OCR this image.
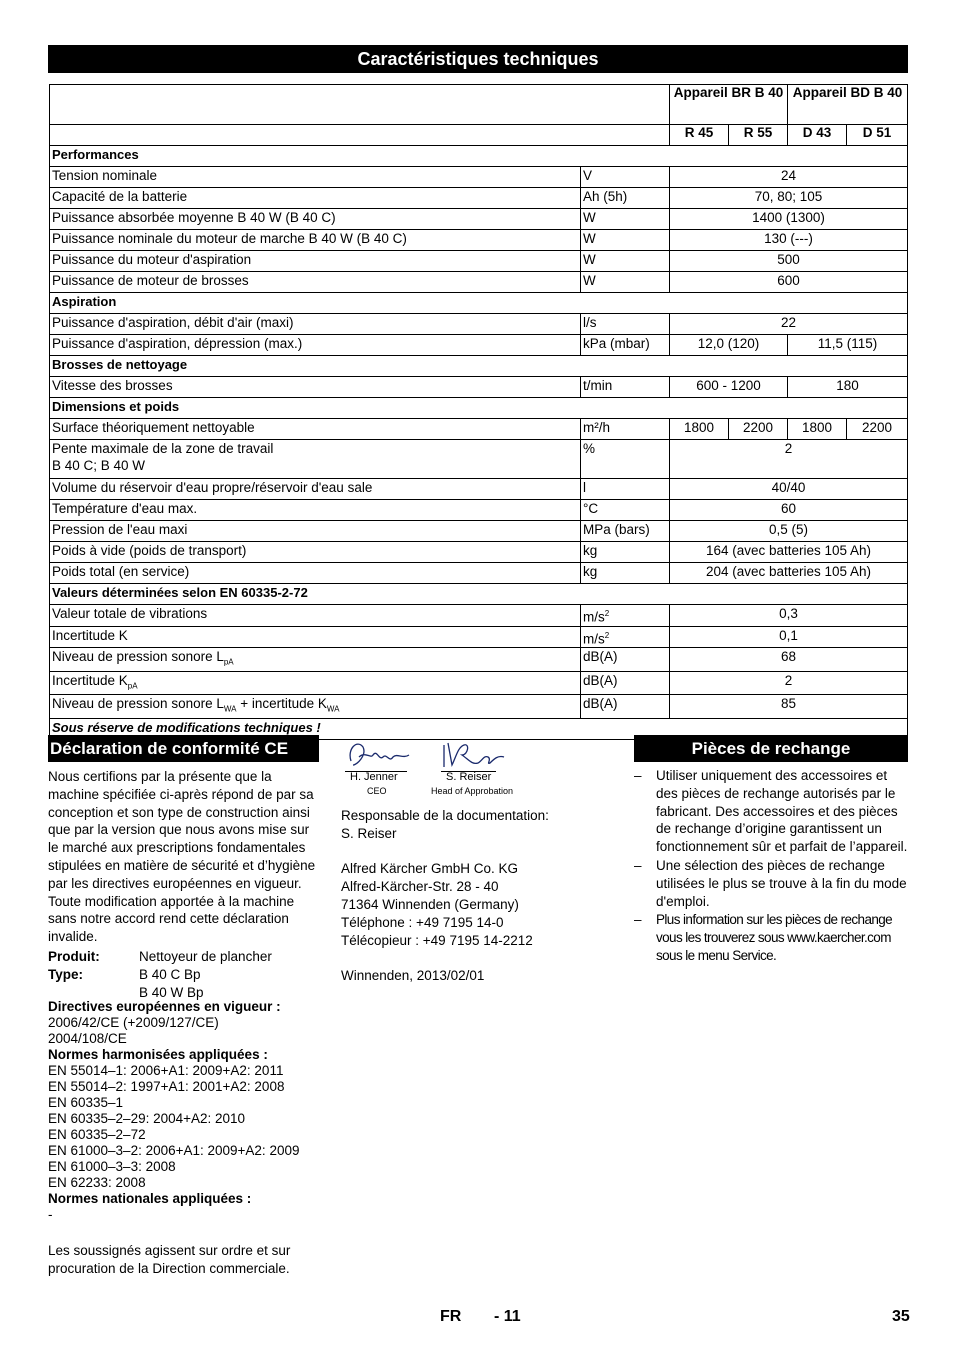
Caractéristiques techniques
		Appareil BR B 40		Appareil BD B 40	
		R 45	R 55	D 43	D 51
Performances					
Tension nominale	V	24			
Capacité de la batterie	Ah (5h)	70, 80; 105			
Puissance absorbée moyenne B 40 W (B 40 C)	W	1400 (1300)			
Puissance nominale du moteur de marche B 40 W (B 40 C)	W	130 (---)			
Puissance du moteur d'aspiration	W	500			
Puissance de moteur de brosses	W	600			
Aspiration					
Puissance d'aspiration, débit d'air (maxi)	l/s	22			
Puissance d'aspiration, dépression (max.)	kPa (mbar)	12,0 (120)		11,5 (115)	
Brosses de nettoyage					
Vitesse des brosses	t/min	600 - 1200		180	
Dimensions et poids					
Surface théoriquement nettoyable	m²/h	1800	2200	1800	2200
Pente maximale de la zone de travail
B 40 C; B 40 W	%	2			
Volume du réservoir d'eau propre/réservoir d'eau sale	l	40/40			
Température d'eau max.	°C	60			
Pression de l'eau maxi	MPa (bars)	0,5 (5)			
Poids à vide (poids de transport)	kg	164 (avec batteries 105 Ah)			
Poids total (en service)	kg	204 (avec batteries 105 Ah)			
Valeurs déterminées selon EN 60335-2-72					
Valeur totale de vibrations	$m/s^2$	0,3			
Incertitude K	$m/s^2$	0,1			
Niveau de pression sonore $L_{pA}$	dB(A)	68			
Incertitude $K_{pA}$	dB(A)	2			
Niveau de pression sonore $L_{WA}$ + incertitude $K_{WA}$	dB(A)	85			
Sous réserve de modifications techniques !					
Déclaration de conformité CE
Nous certifions par la présente que la machine spécifiée ci-après répond de par sa conception et son type de construction ainsi que par la version que nous avons mise sur le marché aux prescriptions fondamentales stipulées en matière de sécurité et d’hygiène par les directives européennes en vigueur. Toute modification apportée à la machine sans notre accord rend cette déclaration invalide.
Produit:	Nettoyeur de plancher
Type:	B 40 C Bp
B 40 W Bp
Directives européennes en vigueur :
2006/42/CE (+2009/127/CE)
2004/108/CE
Normes harmonisées appliquées :
EN 55014–1: 2006+A1: 2009+A2: 2011
EN 55014–2: 1997+A1: 2001+A2: 2008
EN 60335–1
EN 60335–2–29: 2004+A2: 2010
EN 60335–2–72
EN 61000–3–2: 2006+A1: 2009+A2: 2009
EN 61000–3–3: 2008
EN 62233: 2008
Normes nationales appliquées :
-
Les soussignés agissent sur ordre et sur procuration de la Direction commerciale.
H. Jenner
CEO
S. Reiser
Head of Approbation
Responsable de la documentation:
S. Reiser
Alfred Kärcher GmbH Co. KG
Alfred-Kärcher-Str. 28 - 40
71364 Winnenden (Germany)
Téléphone : +49 7195 14-0
Télécopieur : +49 7195 14-2212
Winnenden, 2013/02/01
Pièces de rechange
– Utiliser uniquement des accessoires et des pièces de rechange autorisés par le fabricant. Des accessoires et des pièces de rechange d’origine garantissent un fonctionnement sûr et parfait de l’appareil.
– Une sélection des pièces de rechange utilisées le plus se trouve à la fin du mode d'emploi.
– Plus information sur les pièces de rechange vous les trouverez sous www.kaercher.com sous le menu Service.
FR - 11	35
